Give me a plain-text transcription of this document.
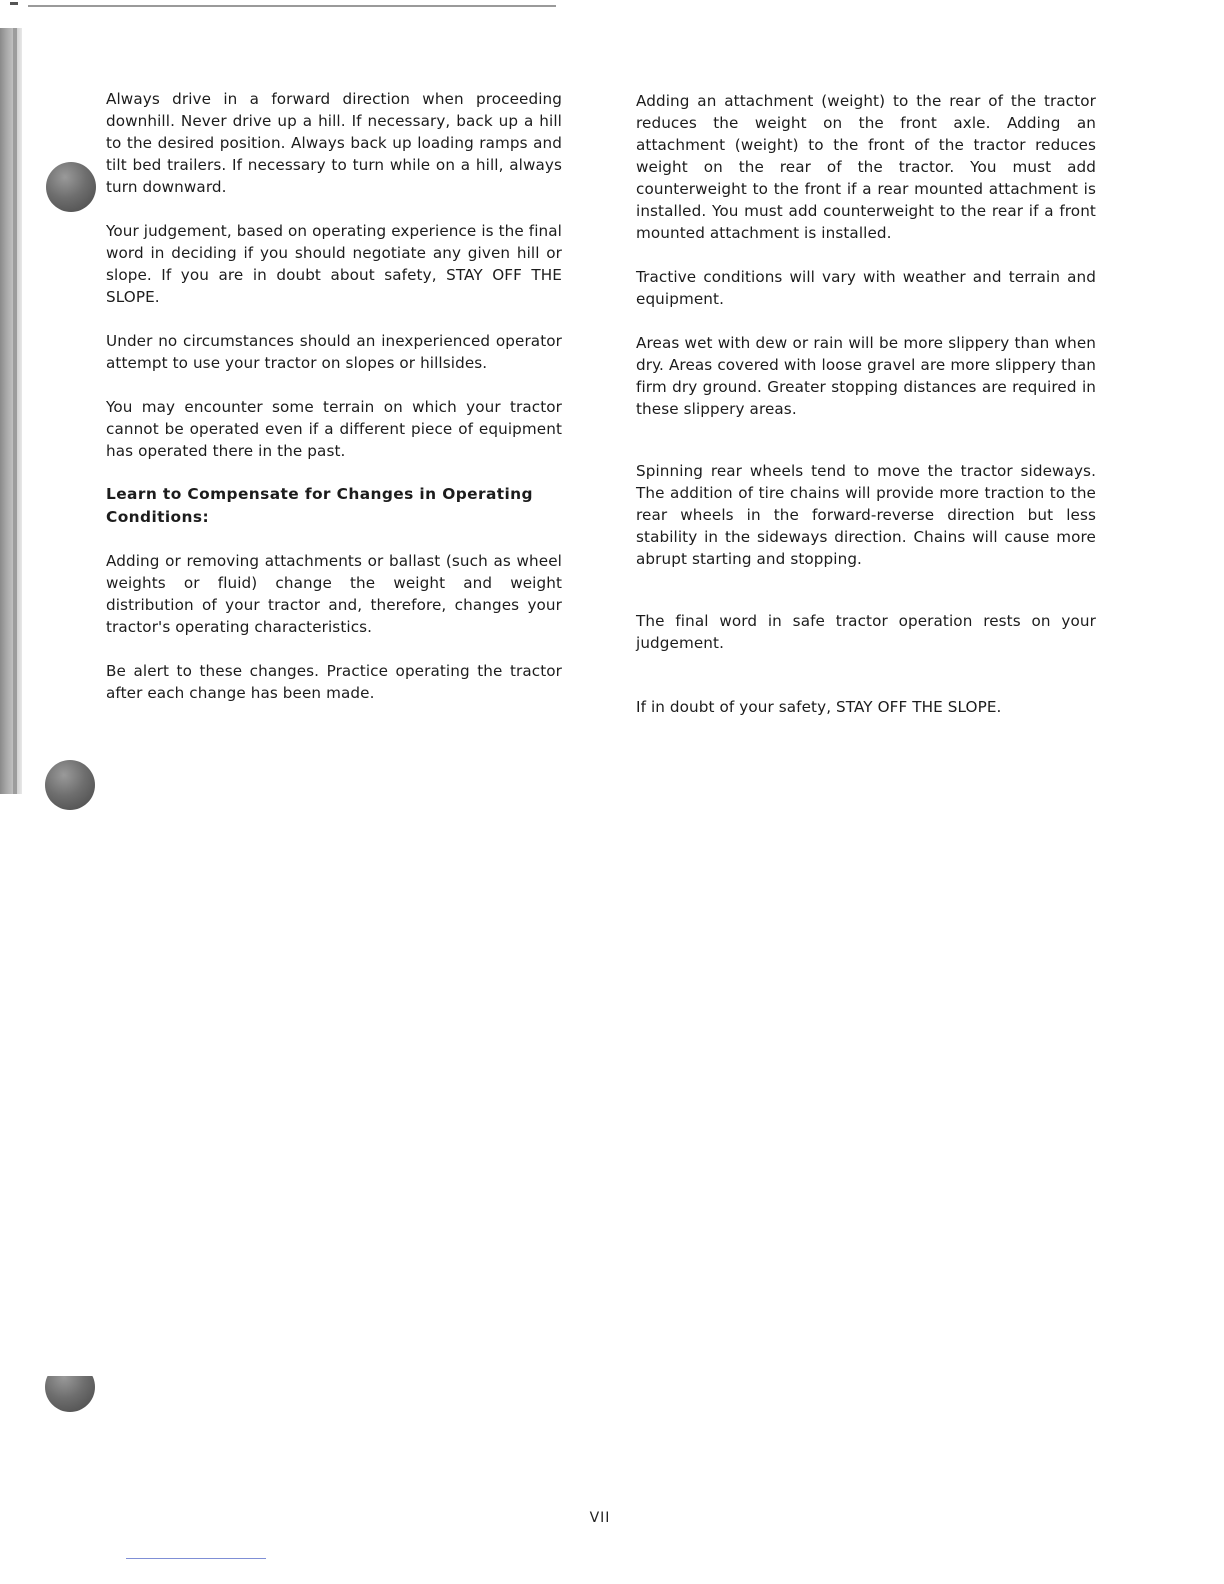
Always drive in a forward direction when proceeding downhill. Never drive up a hill. If necessary, back up a hill to the desired position. Always back up loading ramps and tilt bed trailers. If necessary to turn while on a hill, always turn downward.

Your judgement, based on operating experience is the final word in deciding if you should negotiate any given hill or slope. If you are in doubt about safety, STAY OFF THE SLOPE.

Under no circumstances should an inexperienced operator attempt to use your tractor on slopes or hillsides.

You may encounter some terrain on which your tractor cannot be operated even if a different piece of equipment has operated there in the past.

Learn to Compensate for Changes in Operating Conditions:

Adding or removing attachments or ballast (such as wheel weights or fluid) change the weight and weight distribution of your tractor and, therefore, changes your tractor's operating characteristics.

Be alert to these changes. Practice operating the tractor after each change has been made.

Adding an attachment (weight) to the rear of the tractor reduces the weight on the front axle. Adding an attachment (weight) to the front of the tractor reduces weight on the rear of the tractor. You must add counterweight to the front if a rear mounted attachment is installed. You must add counterweight to the rear if a front mounted attachment is installed.

Tractive conditions will vary with weather and terrain and equipment.

Areas wet with dew or rain will be more slippery than when dry. Areas covered with loose gravel are more slippery than firm dry ground. Greater stopping distances are required in these slippery areas.

Spinning rear wheels tend to move the tractor sideways. The addition of tire chains will provide more traction to the rear wheels in the forward-reverse direction but less stability in the sideways direction. Chains will cause more abrupt starting and stopping.

The final word in safe tractor operation rests on your judgement.

If in doubt of your safety, STAY OFF THE SLOPE.

VII
